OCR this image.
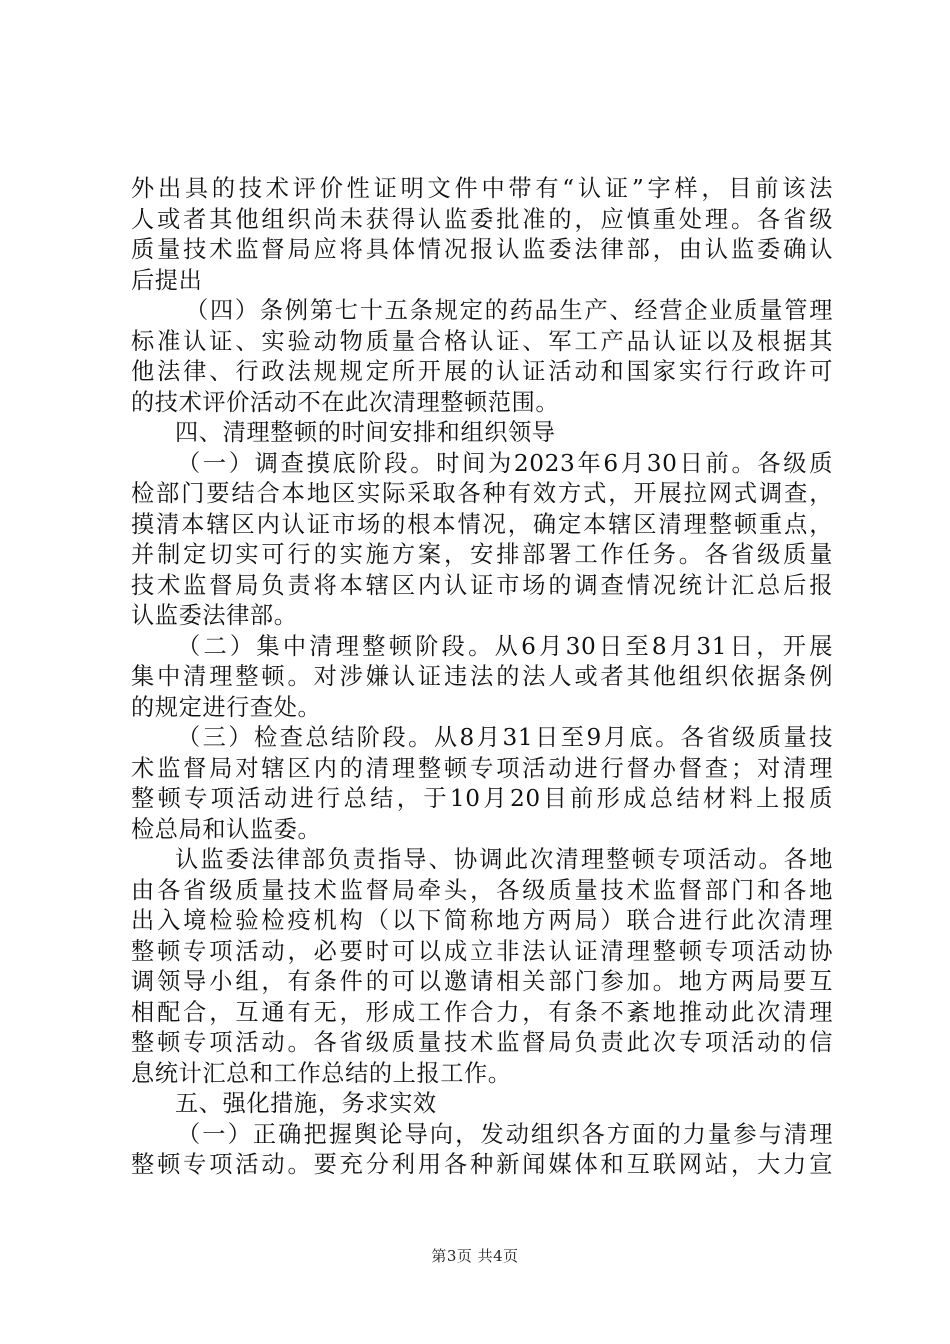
外出具的技术评价性证明文件中带有“认证”字样，目前该法
人或者其他组织尚未获得认监委批准的，应慎重处理。各省级
质量技术监督局应将具体情况报认监委法律部，由认监委确认
后提出
（四）条例第七十五条规定的药品生产、经营企业质量管理
标准认证、实验动物质量合格认证、军工产品认证以及根据其
他法律、行政法规规定所开展的认证活动和国家实行行政许可
的技术评价活动不在此次清理整顿范围。
四、清理整顿的时间安排和组织领导
（一）调查摸底阶段。时间为2023年6月30日前。各级质
检部门要结合本地区实际采取各种有效方式，开展拉网式调查，
摸清本辖区内认证市场的根本情况，确定本辖区清理整顿重点，
并制定切实可行的实施方案，安排部署工作任务。各省级质量
技术监督局负责将本辖区内认证市场的调查情况统计汇总后报
认监委法律部。
（二）集中清理整顿阶段。从6月30日至8月31日，开展
集中清理整顿。对涉嫌认证违法的法人或者其他组织依据条例
的规定进行查处。
（三）检查总结阶段。从8月31日至9月底。各省级质量技
术监督局对辖区内的清理整顿专项活动进行督办督查；对清理
整顿专项活动进行总结，于10月20目前形成总结材料上报质
检总局和认监委。
认监委法律部负责指导、协调此次清理整顿专项活动。各地
由各省级质量技术监督局牵头，各级质量技术监督部门和各地
出入境检验检疫机构（以下简称地方两局）联合进行此次清理
整顿专项活动，必要时可以成立非法认证清理整顿专项活动协
调领导小组，有条件的可以邀请相关部门参加。地方两局要互
相配合，互通有无，形成工作合力，有条不紊地推动此次清理
整顿专项活动。各省级质量技术监督局负责此次专项活动的信
息统计汇总和工作总结的上报工作。
五、强化措施，务求实效
（一）正确把握舆论导向，发动组织各方面的力量参与清理
整顿专项活动。要充分利用各种新闻媒体和互联网站，大力宣
第3页 共4页
